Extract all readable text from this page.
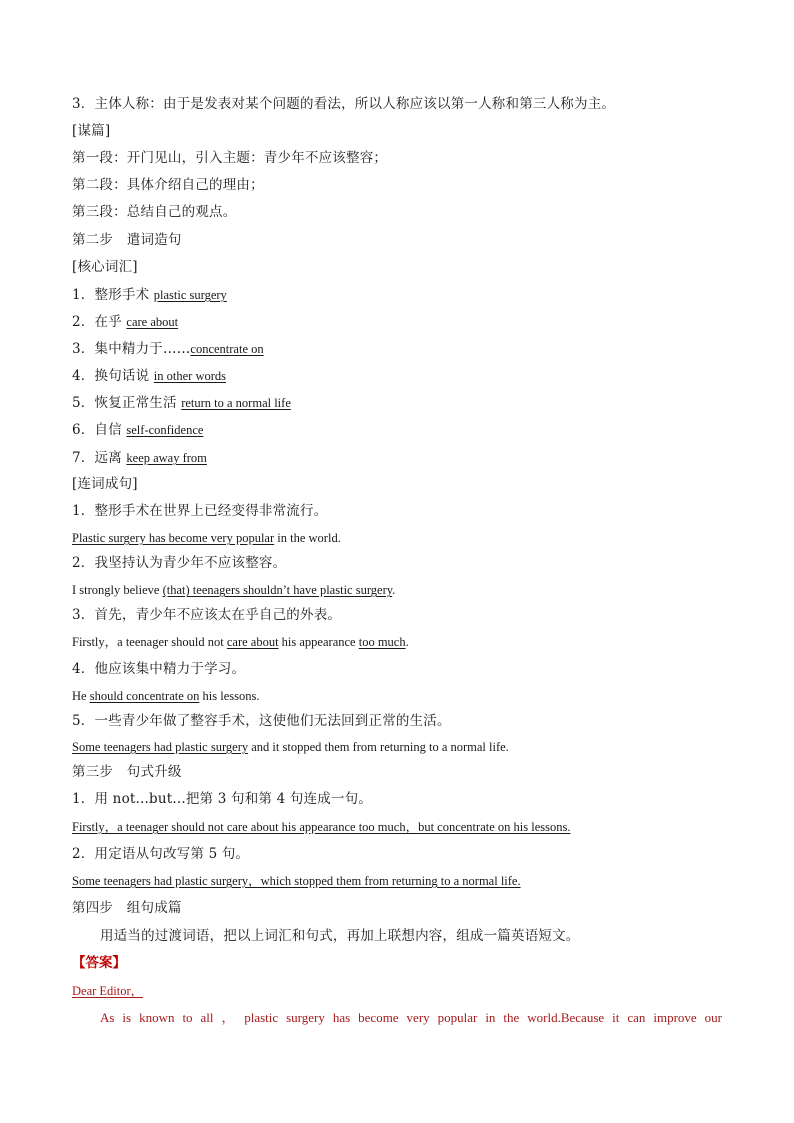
3．主体人称：由于是发表对某个问题的看法，所以人称应该以第一人称和第三人称为主。
[谋篇]
第一段：开门见山，引入主题：青少年不应该整容；
第二段：具体介绍自己的理由；
第三段：总结自己的观点。
第二步　遣词造句
[核心词汇]
1．整形手术 plastic surgery
2．在乎 care about
3．集中精力于……concentrate on
4．换句话说 in other words
5．恢复正常生活 return to a normal life
6．自信 self-confidence
7．远离 keep away from
[连词成句]
1．整形手术在世界上已经变得非常流行。
Plastic surgery has become very popular in the world.
2．我坚持认为青少年不应该整容。
I strongly believe (that) teenagers shouldn’t have plastic surgery.
3．首先，青少年不应该太在乎自己的外表。
Firstly，a teenager should not care about his appearance too much.
4．他应该集中精力于学习。
He should concentrate on his lessons.
5．一些青少年做了整容手术，这使他们无法回到正常的生活。
Some teenagers had plastic surgery and it stopped them from returning to a normal life.
第三步　句式升级
1．用 not...but...把第 3 句和第 4 句连成一句。
Firstly，a teenager should not care about his appearance too much，but concentrate on his lessons.
2．用定语从句改写第 5 句。
Some teenagers had plastic surgery，which stopped them from returning to a normal life.
第四步　组句成篇
用适当的过渡词语，把以上词汇和句式，再加上联想内容，组成一篇英语短文。
【答案】
Dear Editor，
As is known to all ， plastic surgery has become very popular in the world.Because it can improve our
